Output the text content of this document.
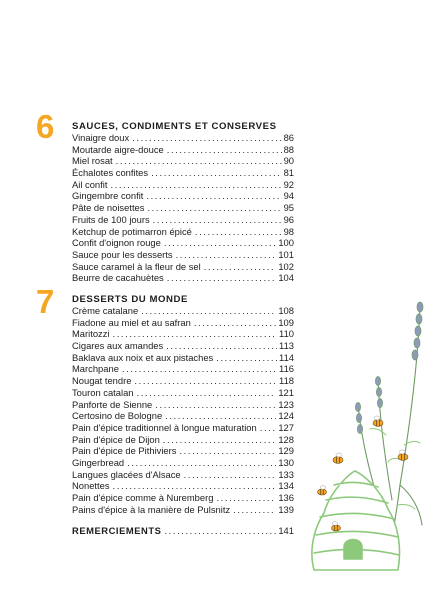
6 SAUCES, CONDIMENTS ET CONSERVES
Vinaigre doux .....	86
Moutarde aigre-douce .....	88
Miel rosat .....	90
Échalotes confites .....	81
Ail confit .....	92
Gingembre confit .....	94
Pâte de noisettes .....	95
Fruits de 100 jours .....	96
Ketchup de potimarron épicé .....	98
Confit d'oignon rouge .....	100
Sauce pour les desserts .....	101
Sauce caramel à la fleur de sel .....	102
Beurre de cacahuètes .....	104
7 DESSERTS DU MONDE
Crème catalane .....	108
Fiadone au miel et au safran .....	109
Maritozzi .....	110
Cigares aux amandes .....	113
Baklava aux noix et aux pistaches .....	114
Marchpane .....	116
Nougat tendre .....	118
Touron catalan .....	121
Panforte de Sienne .....	123
Certosino de Bologne .....	124
Pain d'épice traditionnel à longue maturation ..... 127
Pain d'épice de Dijon .....	128
Pain d'épice de Pithiviers .....	129
Gingerbread .....	130
Langues glacées d'Alsace .....	133
Nonettes .....	134
Pain d'épice comme à Nuremberg .....	136
Pains d'épice à la manière de Pulsnitz .....	139
REMERCIEMENTS .....	141
